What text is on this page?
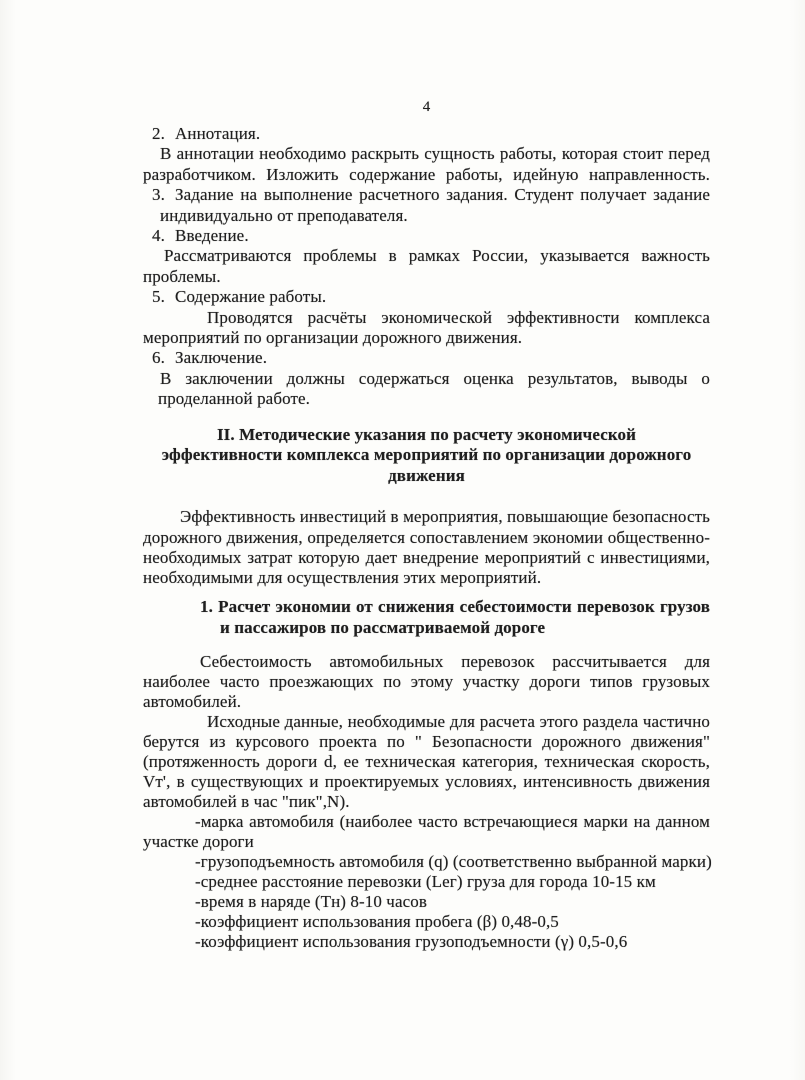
4
2. Аннотация.
В аннотации необходимо раскрыть сущность работы, которая стоит перед
разработчиком. Изложить содержание работы, идейную направленность.
3. Задание на выполнение расчетного задания. Студент получает задание
индивидуально от преподавателя.
4. Введение.
Рассматриваются проблемы в рамках России, указывается важность
проблемы.
5. Содержание работы.
Проводятся расчёты экономической эффективности комплекса
мероприятий по организации дорожного движения.
6. Заключение.
В заключении должны содержаться оценка результатов, выводы о
проделанной работе.
II. Методические указания по расчету экономической
эффективности комплекса мероприятий по организации дорожного
движения
Эффективность инвестиций в мероприятия, повышающие безопасность
дорожного движения, определяется сопоставлением экономии общественно-
необходимых затрат которую дает внедрение мероприятий с инвестициями,
необходимыми для осуществления этих мероприятий.
1. Расчет экономии от снижения себестоимости перевозок грузов
и пассажиров по рассматриваемой дороге
Себестоимость автомобильных перевозок рассчитывается для
наиболее часто проезжающих по этому участку дороги типов грузовых
автомобилей.
Исходные данные, необходимые для расчета этого раздела частично
берутся из курсового проекта по " Безопасности дорожного движения"
(протяженность дороги d, ее техническая категория, техническая скорость,
Vт', в существующих и проектируемых условиях, интенсивность движения
автомобилей в час "пик",N).
-марка автомобиля (наиболее часто встречающиеся марки на данном
участке дороги
-грузоподъемность автомобиля (q) (соответственно выбранной марки)
-среднее расстояние перевозки (Lег) груза для города 10-15 км
-время в наряде (Тн) 8-10 часов
-коэффициент использования пробега (β) 0,48-0,5
-коэффициент использования грузоподъемности (γ) 0,5-0,6
